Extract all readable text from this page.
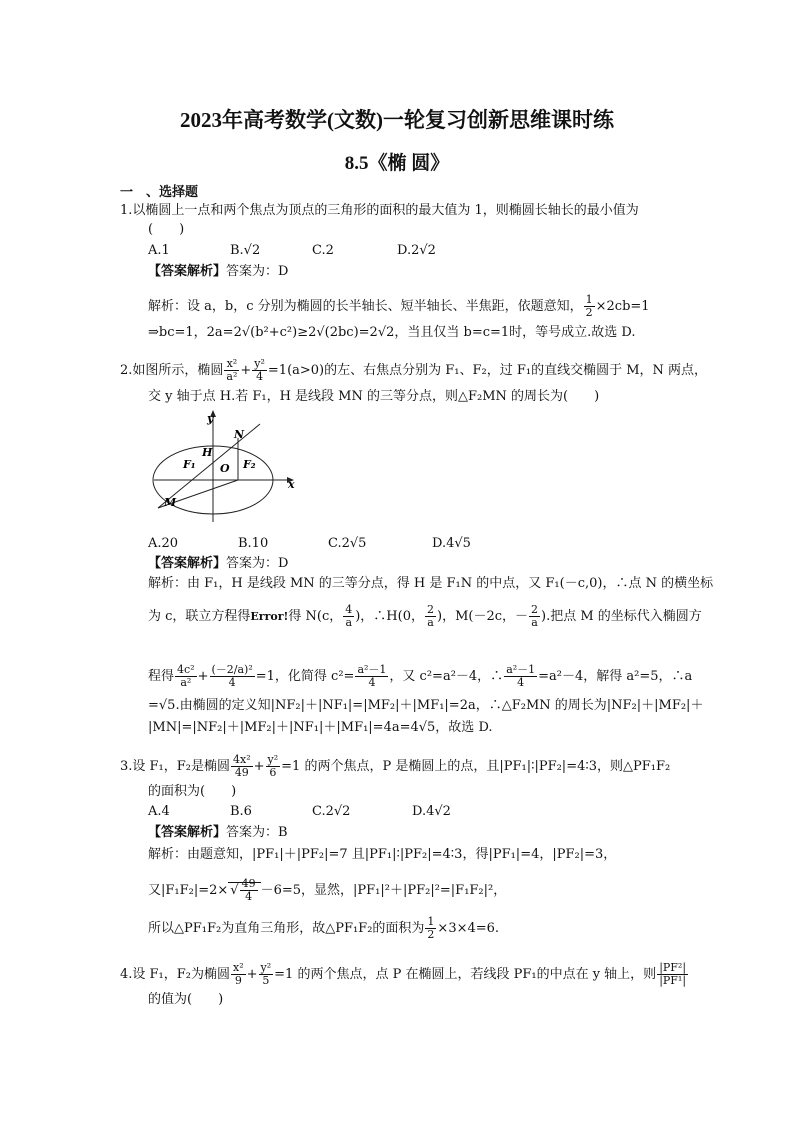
2023年高考数学(文数)一轮复习创新思维课时练
8.5《椭 圆》
一　、选择题
1.以椭圆上一点和两个焦点为顶点的三角形的面积的最大值为 1，则椭圆长轴长的最小值为
(　　)
A.1	B.√2	C.2	D.2√2
【答案解析】答案为：D
解析：设 a，b，c 分别为椭圆的长半轴长、短半轴长、半焦距，依题意知， $\frac{1}{2} \times 2cb=1$
⇒bc=1，2a=2√(b²+c²)≥2√(2bc)=2√2，当且仅当 b=c=1时，等号成立.故选 D.
2.如图所示，椭圆 $\frac{\text{x²}}{\text{a²}} + \frac{\text{y²}}{4} =1(a>0)$的左、右焦点分别为 F₁、F₂，过 F₁的直线交椭圆于 M，N 两点，
交 y 轴于点 H.若 F₁，H 是线段 MN 的三等分点，则△F₂MN 的周长为(　　)
y
N
H
F₁ O F₂
x
M
A.20	B.10	C.2√5	D.4√5
【答案解析】答案为：D
解析：由 F₁，H 是线段 MN 的三等分点，得 H 是 F₁N 的中点，又 F₁(－c,0)，∴点 N 的横坐标
为 c，联立方程得Error!得 N(c， $\frac{4}{a}$ )，∴H(0， $\frac{2}{a}$ )，M(－2c，－ $\frac{2}{a}$ ).把点 M 的坐标代入椭圆方
程得 $\frac{\text{4c²}}{\text{a²}} + \frac{\text{(－2/a)²}}{4} =1$，化简得 $c^2= \frac{\text{a²－1}}{4}$ ，又 c²=a²－4，∴ $\frac{\text{a²－1}}{4} =a^2-4$，解得 a²=5，∴a
=√5.由椭圆的定义知|NF₂|＋|NF₁|=|MF₂|＋|MF₁|=2a，∴△F₂MN 的周长为|NF₂|＋|MF₂|＋
|MN|=|NF₂|＋|MF₂|＋|NF₁|＋|MF₁|=4a=4√5，故选 D.
3.设 F₁，F₂是椭圆 $\frac{\text{4x²}}{49} + \frac{\text{y²}}{6} =1$ 的两个焦点，P 是椭圆上的点，且|PF₁|∶|PF₂|=4∶3，则△PF₁F₂
的面积为(　　)
A.4	B.6	C.2√2	D.4√2
【答案解析】答案为：B
解析：由题意知，|PF₁|＋|PF₂|=7 且|PF₁|∶|PF₂|=4∶3，得|PF₁|=4，|PF₂|=3，
又|F₁F₂|=2× √ $\frac{49}{4} -6=5$，显然，|PF₁|²＋|PF₂|²=|F₁F₂|²，
所以△PF₁F₂为直角三角形，故△PF₁F₂的面积为 $\frac{1}{2} \times 3\times 4=6$.
4.设 F₁，F₂为椭圆 $\frac{\text{x²}}{9} + \frac{\text{y²}}{5} =1$ 的两个焦点，点 P 在椭圆上，若线段 PF₁的中点在 y 轴上，则 $\frac{\text{|PF²|}}{\text{|PF¹|}}$
的值为(　　)
